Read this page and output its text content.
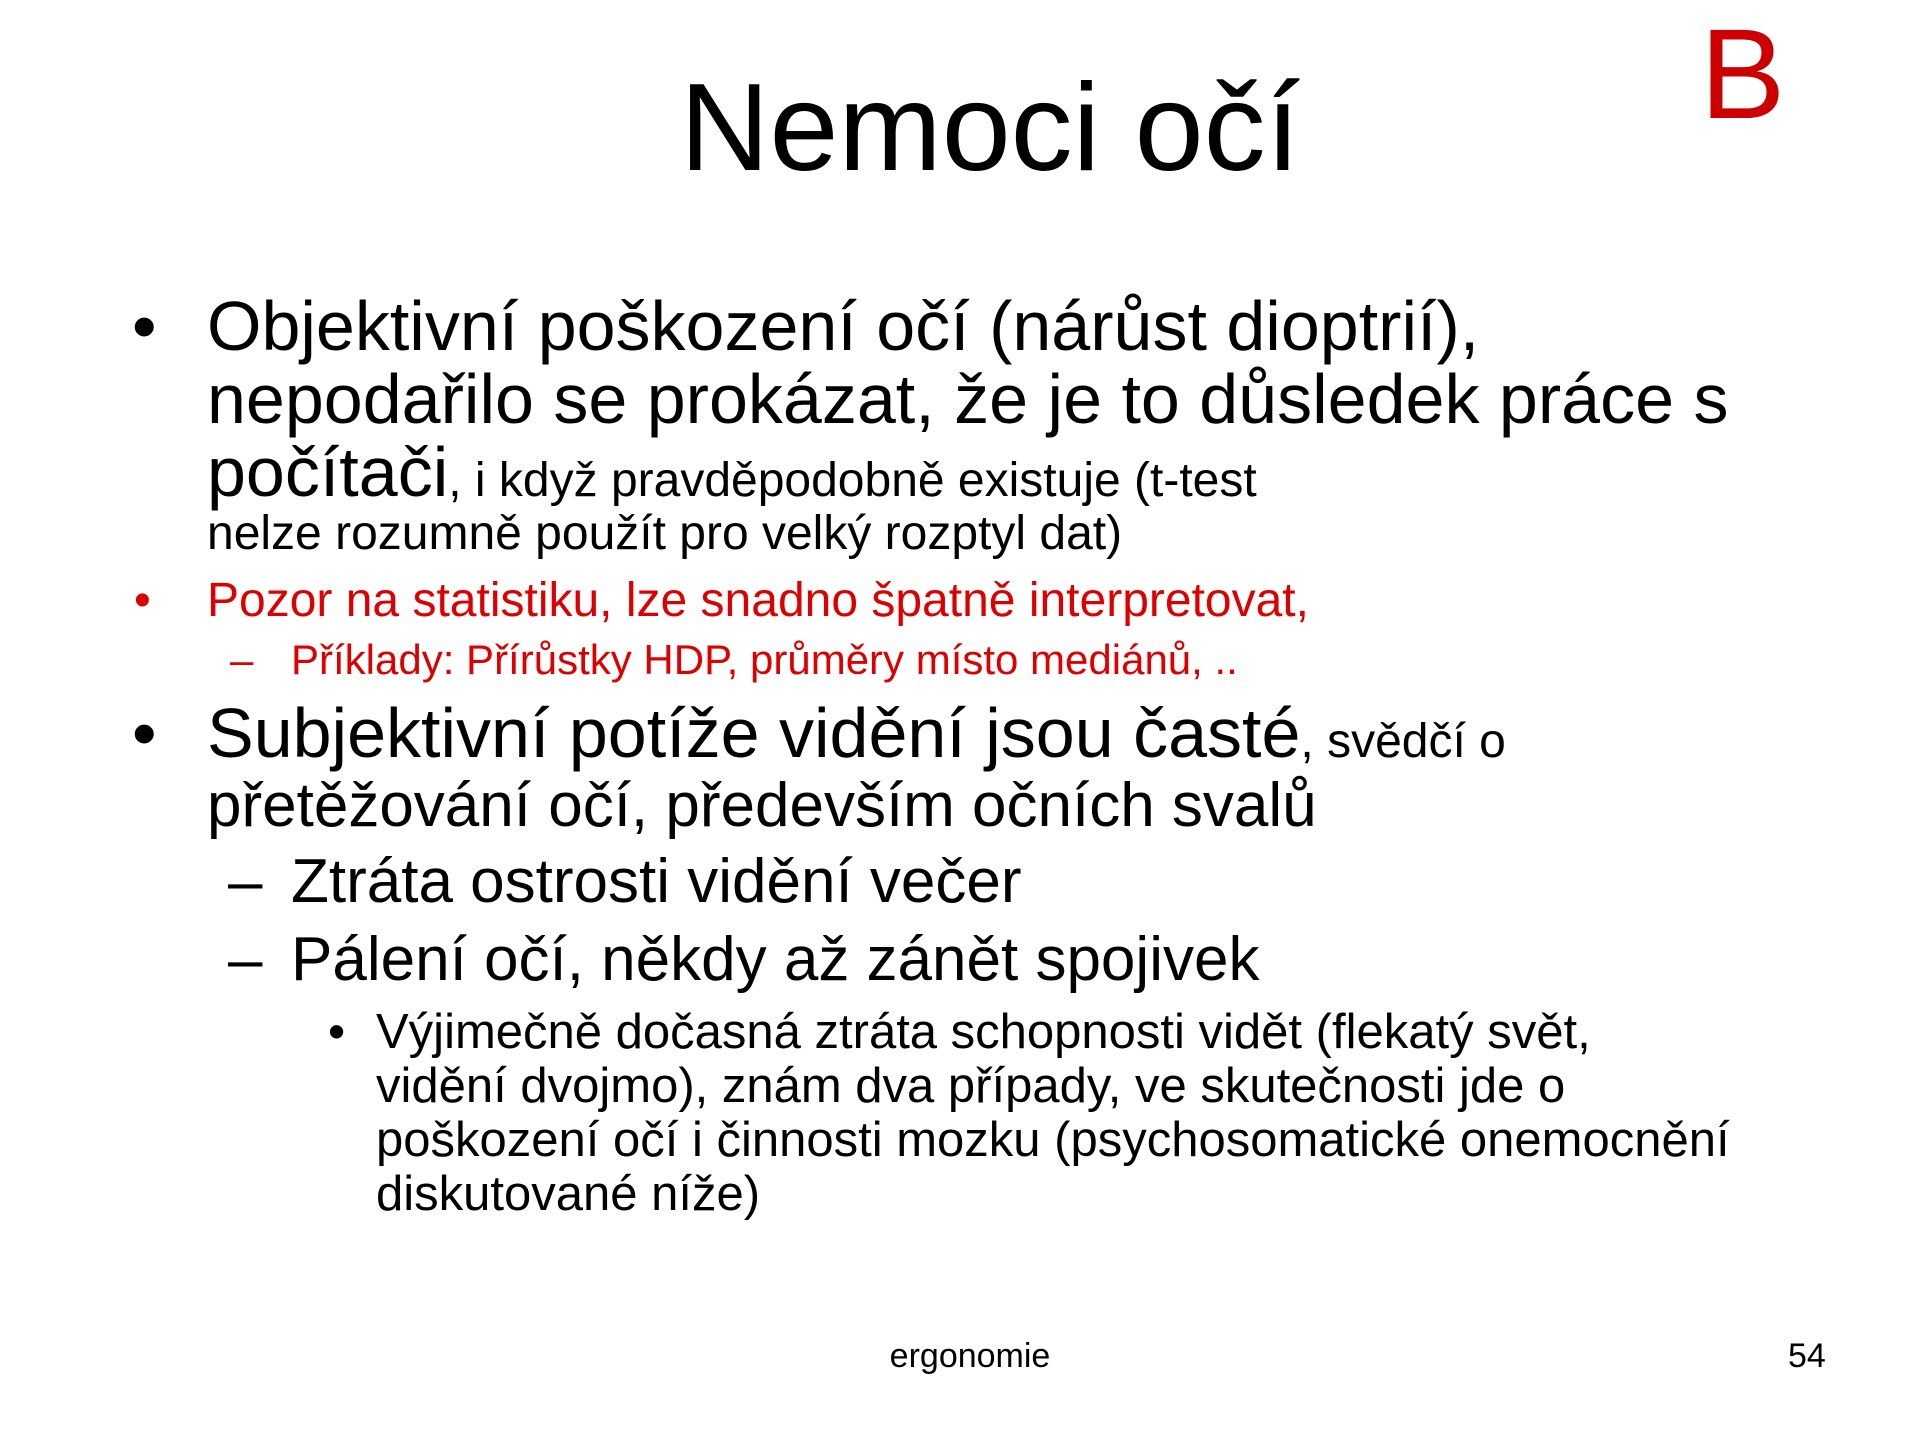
Nemoci očí	B
• Objektivní poškození očí (nárůst dioptrií), nepodařilo se prokázat, že je to důsledek práce s počítači, i když pravděpodobně existuje (t-test
nelze rozumně použít pro velký rozptyl dat)
• Pozor na statistiku, lze snadno špatně interpretovat,
– Příklady: Přírůstky HDP, průměry místo mediánů, ..
• Subjektivní potíže vidění jsou časté, svědčí o
přetěžování očí, především očních svalů
– Ztráta ostrosti vidění večer
– Pálení očí, někdy až zánět spojivek
• Výjimečně dočasná ztráta schopnosti vidět (flekatý svět, vidění dvojmo), znám dva případy, ve skutečnosti jde o poškození očí i činnosti mozku (psychosomatické onemocnění diskutované níže)
ergonomie	54
